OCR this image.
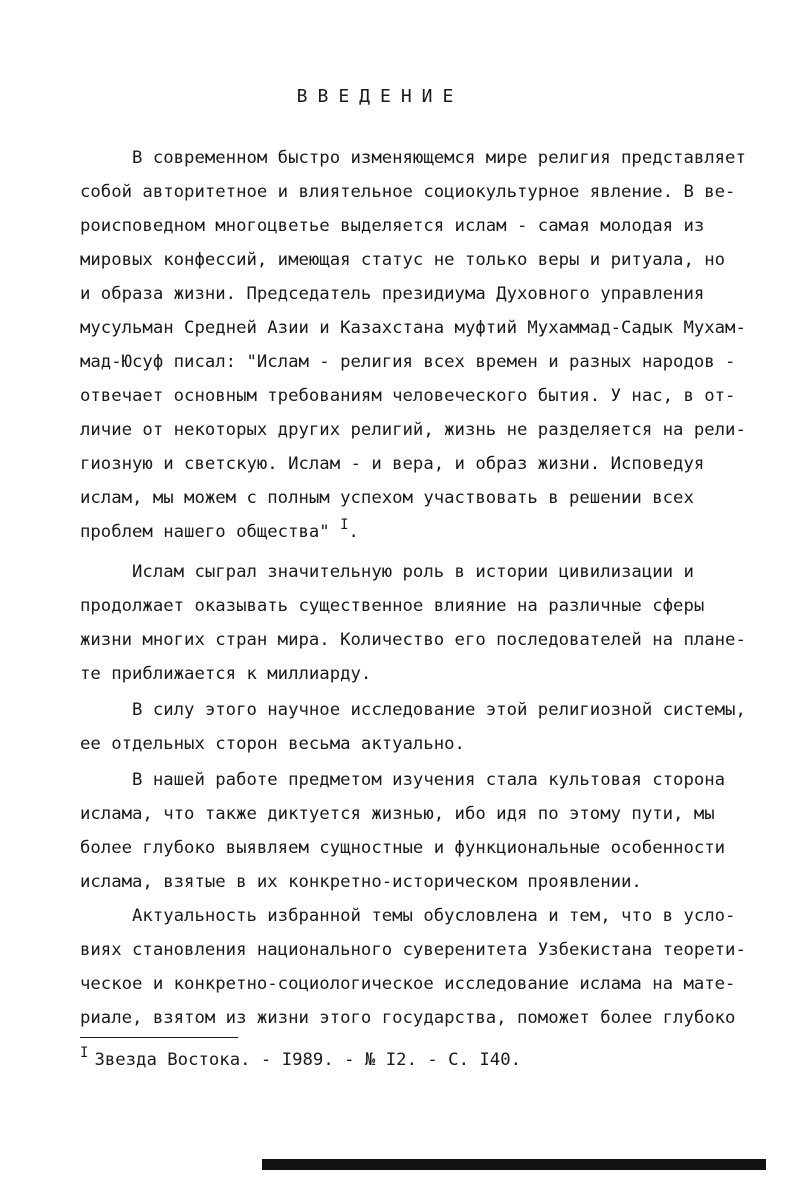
ВВЕДЕНИЕ
В современном быстро изменяющемся мире религия представляет
собой авторитетное и влиятельное социокультурное явление. В ве-
роисповедном многоцветье выделяется ислам - самая молодая из
мировых конфессий, имеющая статус не только веры и ритуала, но
и образа жизни. Председатель президиума Духовного управления
мусульман Средней Азии и Казахстана муфтий Мухаммад-Садык Мухам-
мад-Юсуф писал: "Ислам - религия всех времен и разных народов -
отвечает основным требованиям человеческого бытия. У нас, в от-
личие от некоторых других религий, жизнь не разделяется на рели-
гиозную и светскую. Ислам - и вера, и образ жизни. Исповедуя
ислам, мы можем с полным успехом участвовать в решении всех
проблем нашего общества" $^I$.
Ислам сыграл значительную роль в истории цивилизации и
продолжает оказывать существенное влияние на различные сферы
жизни многих стран мира. Количество его последователей на плане-
те приближается к миллиарду.
В силу этого научное исследование этой религиозной системы,
ее отдельных сторон весьма актуально.
В нашей работе предметом изучения стала культовая сторона
ислама, что также диктуется жизнью, ибо идя по этому пути, мы
более глубоко выявляем сущностные и функциональные особенности
ислама, взятые в их конкретно-историческом проявлении.
Актуальность избранной темы обусловлена и тем, что в усло-
виях становления национального суверенитета Узбекистана теорети-
ческое и конкретно-социологическое исследование ислама на мате-
риале, взятом из жизни этого государства, поможет более глубоко
$^I$ Звезда Востока. - I989. - № I2. - С. I40.
